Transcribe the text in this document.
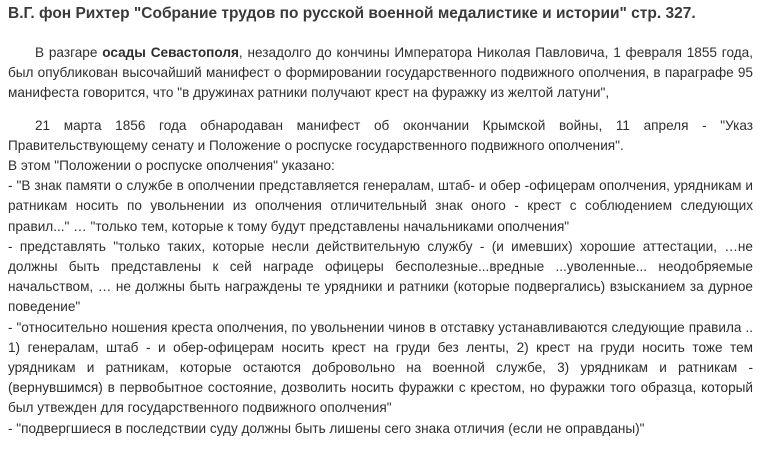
В.Г. фон Рихтер "Собрание трудов по русской военной медалистике и истории" стр. 327.

В разгаре осады Севастополя, незадолго до кончины Императора Николая Павловича, 1 февраля 1855 года, был опубликован высочайший манифест о формировании государственного подвижного ополчения, в параграфе 95 манифеста говорится, что "в дружинах ратники получают крест на фуражку из желтой латуни",

21 марта 1856 года обнародаван манифест об окончании Крымской войны, 11 апреля - "Указ Правительствующему сенату и Положение о роспуске государственного подвижного ополчения".

В этом "Положении о роспуске ополчения" указано:

- "В знак памяти о службе в ополчении представляется генералам, штаб- и обер -офицерам ополчения, урядникам и ратникам носить по увольнении из ополчения отличительный знак оного - крест с соблюдением следующих правил..." … "только тем, которые к тому будут представлены начальниками ополчения"

- представлять "только таких, которые несли действительную службу - (и имевших) хорошие аттестации, …не должны быть представлены к сей награде офицеры бесполезные...вредные ...уволенные... неодобряемые начальством, … не должны быть награждены те урядники и ратники (которые подвергались) взысканием за дурное поведение"

- "относительно ношения креста ополчения, по увольнении чинов в отставку устанавливаются следующие правила .. 1) генералам, штаб - и обер-офицерам носить крест на груди без ленты, 2) крест на груди носить тоже тем урядникам и ратникам, которые остаются добровольно на военной службе, 3) урядникам и ратникам - (вернувшимся) в первобытное состояние, дозволить носить фуражки с крестом, но фуражки того образца, который был утвежден для государственного подвижного ополчения"

- "подвергшиеся в последствии суду должны быть лишены сего знака отличия (если не оправданы)"
